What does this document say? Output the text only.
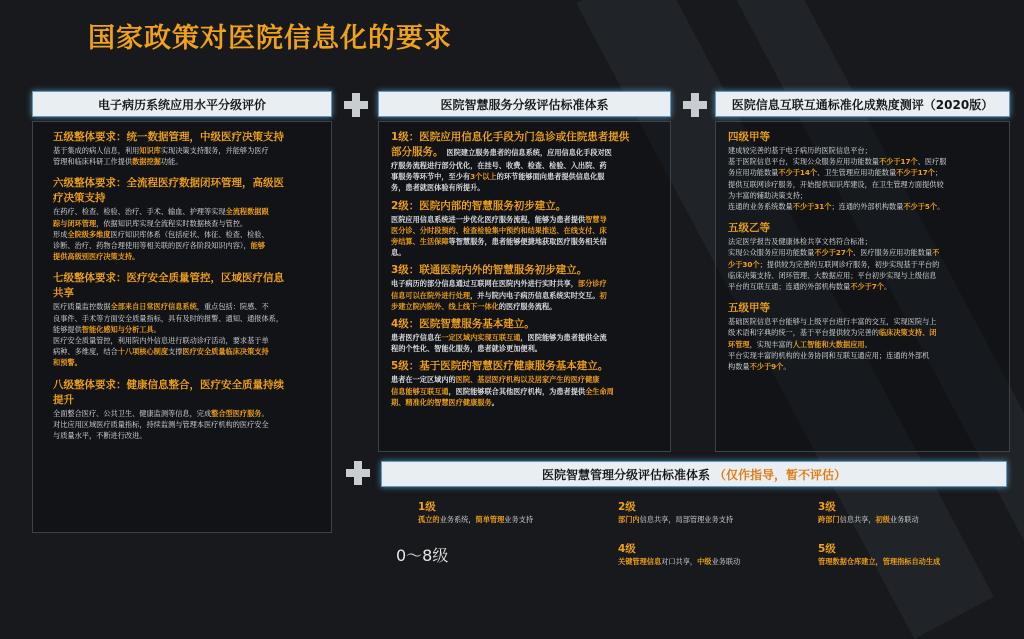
国家政策对医院信息化的要求
电子病历系统应用水平分级评价

五级整体要求：统一数据管理，中级医疗决策支持

基于集成的病人信息，利用知识库实现决策支持服务，并能够为医疗

管理和临床科研工作提供数据挖掘功能。

六级整体要求：全流程医疗数据闭环管理，高级医

疗决策支持

在药疗、检查、检验、治疗、手术、输血、护理等实现全流程数据跟

踪与闭环管理，依据知识库实现全流程实时数据核查与管控。

形成全院级多维度医疗知识库体系（包括症状、体征、检查、检验、

诊断、治疗、药物合理使用等相关联的医疗各阶段知识内容），能够

提供高级别医疗决策支持。

七级整体要求：医疗安全质量管控，区域医疗信息

共享

医疗质量监控数据全部来自日常医疗信息系统，重点包括：院感、不

良事件、手术等方面安全质量指标，具有及时的报警、通知、通报体系，

能够提供智能化感知与分析工具。

医疗安全质量管控，利用院内外信息进行联动诊疗活动，要求基于单

病种、多维度，结合十八项核心制度支撑医疗安全质量临床决策支持

和预警。

八级整体要求：健康信息整合，医疗安全质量持续

提升

全面整合医疗、公共卫生、健康监测等信息，完成整合型医疗服务。

对比应用区域医疗质量指标，持续监测与管理本医疗机构的医疗安全

与质量水平，不断进行改进。

医院智慧服务分级评估标准体系

1级：医院应用信息化手段为门急诊或住院患者提供

部分服务。 医院建立服务患者的信息系统，应用信息化手段对医

疗服务流程进行部分优化，在挂号、收费、检查、检验、入出院、药

事服务等环节中，至少有3个以上的环节能够面向患者提供信息化服

务，患者就医体验有所提升。

2级：医院内部的智慧服务初步建立。

医院应用信息系统进一步优化医疗服务流程，能够为患者提供智慧导

医分诊、分时段预约、检查检验集中预约和结果推送、在线支付、床

旁结算、生活保障等智慧服务，患者能够便捷地获取医疗服务相关信

息。

3级：联通医院内外的智慧服务初步建立。

电子病历的部分信息通过互联网在医院内外进行实时共享，部分诊疗

信息可以在院外进行处理，并与院内电子病历信息系统实时交互。初

步建立院内院外、线上线下一体化的医疗服务流程。

4级：医院智慧服务基本建立。

患者医疗信息在一定区域内实现互联互通，医院能够为患者提供全流

程的个性化、智能化服务，患者就诊更加便利。

5级：基于医院的智慧医疗健康服务基本建立。

患者在一定区域内的医院、基层医疗机构以及居家产生的医疗健康

信息能够互联互通，医院能够联合其他医疗机构，为患者提供全生命周

期、精准化的智慧医疗健康服务。

医院信息互联互通标准化成熟度测评（2020版）

四级甲等

建成较完善的基于电子病历的医院信息平台；

基于医院信息平台，实现公众服务应用功能数量不少于17个、医疗服

务应用功能数量不少于14个、卫生管理应用功能数量不少于17个；

提供互联网诊疗服务，开始提供知识库建设，在卫生管理方面提供较

为丰富的辅助决策支持；

连通的业务系统数量不少于31个；连通的外部机构数量不少于5个。

五级乙等

法定医学报告及健康体检共享文档符合标准；

实现公众服务应用功能数量不少于27个、医疗服务应用功能数量不

少于30个；提供较为完善的互联网诊疗服务，初步实现基于平台的

临床决策支持、闭环管理、大数据应用；平台初步实现与上级信息

平台的互联互通；连通的外部机构数量不少于7个。

五级甲等

基础医院信息平台能够与上级平台进行丰富的交互，实现医院与上

级术语和字典的统一，基于平台提供较为完善的临床决策支持、闭

环管理，实现丰富的人工智能和大数据应用。

平台实现丰富的机构的业务协同和互联互通应用；连通的外部机

构数量不少于9个。

医院智慧管理分级评估标准体系 （仅作指导，暂不评估）
0～8级
1级
孤立的业务系统，简单管理业务支持
2级
部门内信息共享，局部管理业务支持
3级
跨部门信息共享，初级业务联动
4级
关键管理信息对口共享，中级业务联动
5级
管理数据仓库建立，管理指标自动生成
